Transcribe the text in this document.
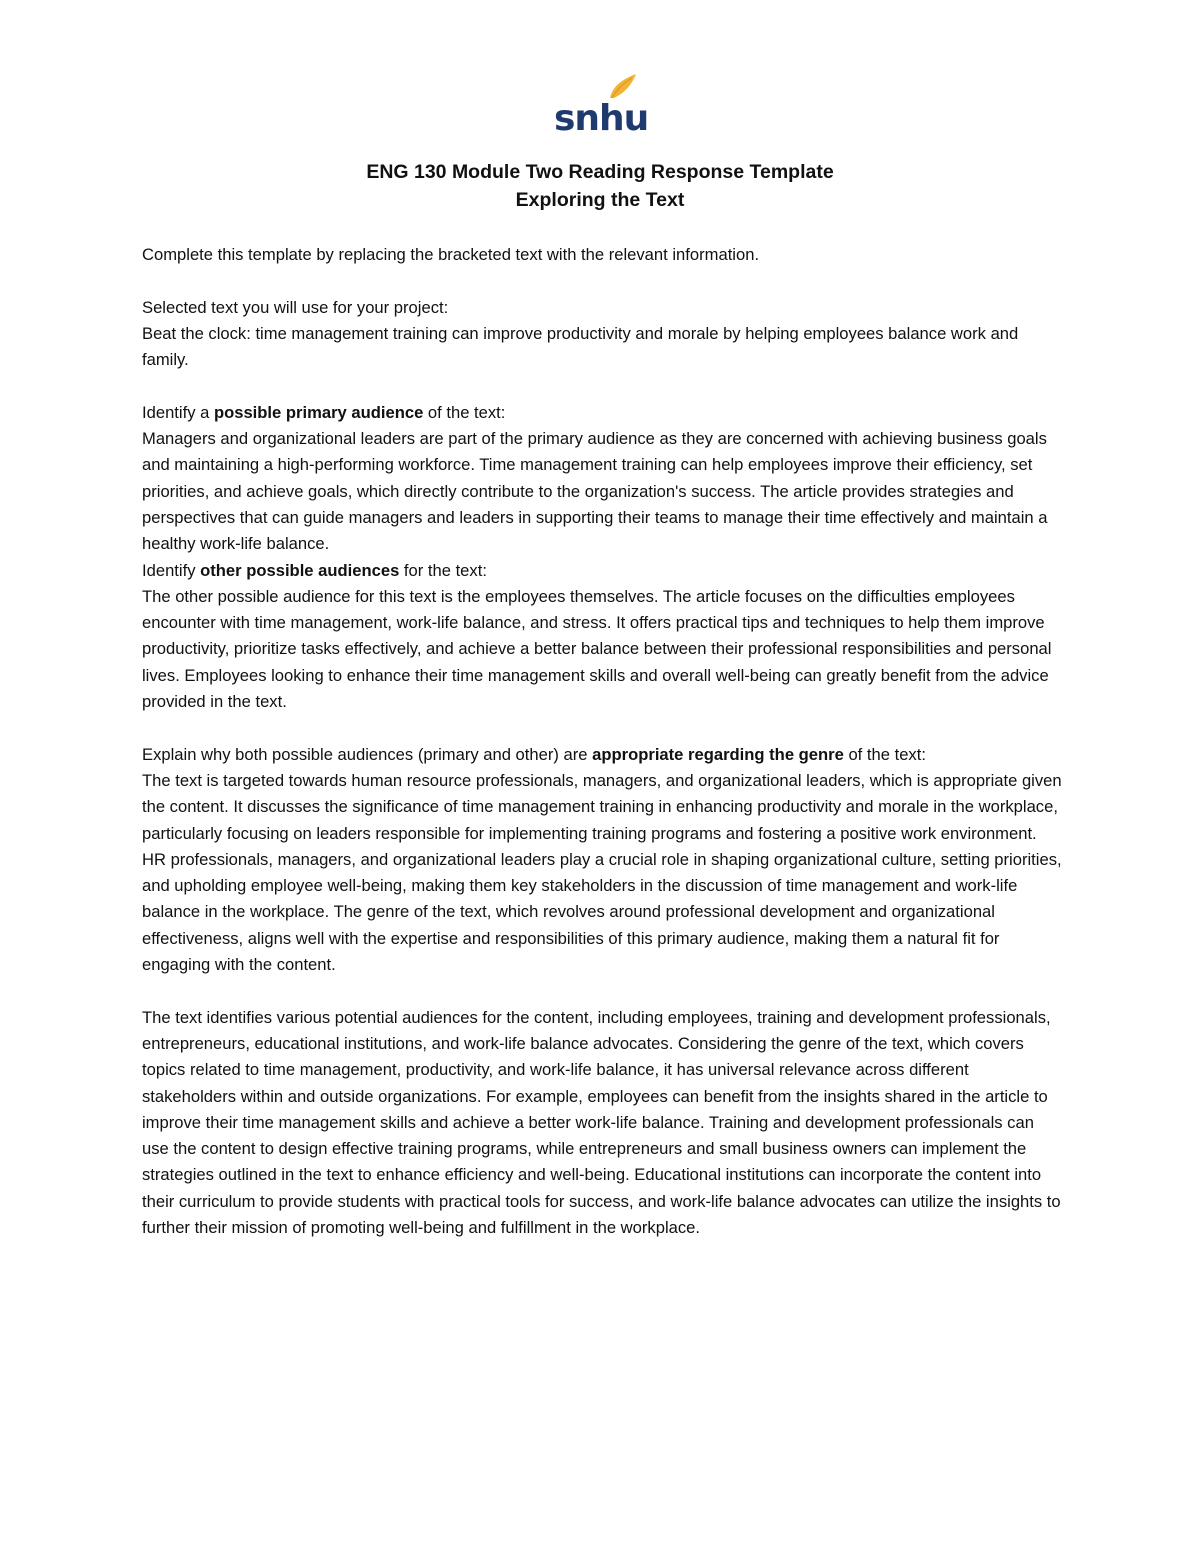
snhu
ENG 130 Module Two Reading Response Template
Exploring the Text

Complete this template by replacing the bracketed text with the relevant information.

Selected text you will use for your project:

Beat the clock: time management training can improve productivity and morale by helping employees balance work and family.

Identify a possible primary audience of the text:

Managers and organizational leaders are part of the primary audience as they are concerned with achieving business goals and maintaining a high-performing workforce. Time management training can help employees improve their efficiency, set priorities, and achieve goals, which directly contribute to the organization's success. The article provides strategies and perspectives that can guide managers and leaders in supporting their teams to manage their time effectively and maintain a healthy work-life balance.

Identify other possible audiences for the text:

The other possible audience for this text is the employees themselves. The article focuses on the difficulties employees encounter with time management, work-life balance, and stress. It offers practical tips and techniques to help them improve productivity, prioritize tasks effectively, and achieve a better balance between their professional responsibilities and personal lives. Employees looking to enhance their time management skills and overall well-being can greatly benefit from the advice provided in the text.

Explain why both possible audiences (primary and other) are appropriate regarding the genre of the text:

The text is targeted towards human resource professionals, managers, and organizational leaders, which is appropriate given the content. It discusses the significance of time management training in enhancing productivity and morale in the workplace, particularly focusing on leaders responsible for implementing training programs and fostering a positive work environment. HR professionals, managers, and organizational leaders play a crucial role in shaping organizational culture, setting priorities, and upholding employee well-being, making them key stakeholders in the discussion of time management and work-life balance in the workplace. The genre of the text, which revolves around professional development and organizational effectiveness, aligns well with the expertise and responsibilities of this primary audience, making them a natural fit for engaging with the content.

The text identifies various potential audiences for the content, including employees, training and development professionals, entrepreneurs, educational institutions, and work-life balance advocates. Considering the genre of the text, which covers topics related to time management, productivity, and work-life balance, it has universal relevance across different stakeholders within and outside organizations. For example, employees can benefit from the insights shared in the article to improve their time management skills and achieve a better work-life balance. Training and development professionals can use the content to design effective training programs, while entrepreneurs and small business owners can implement the strategies outlined in the text to enhance efficiency and well-being. Educational institutions can incorporate the content into their curriculum to provide students with practical tools for success, and work-life balance advocates can utilize the insights to further their mission of promoting well-being and fulfillment in the workplace.
